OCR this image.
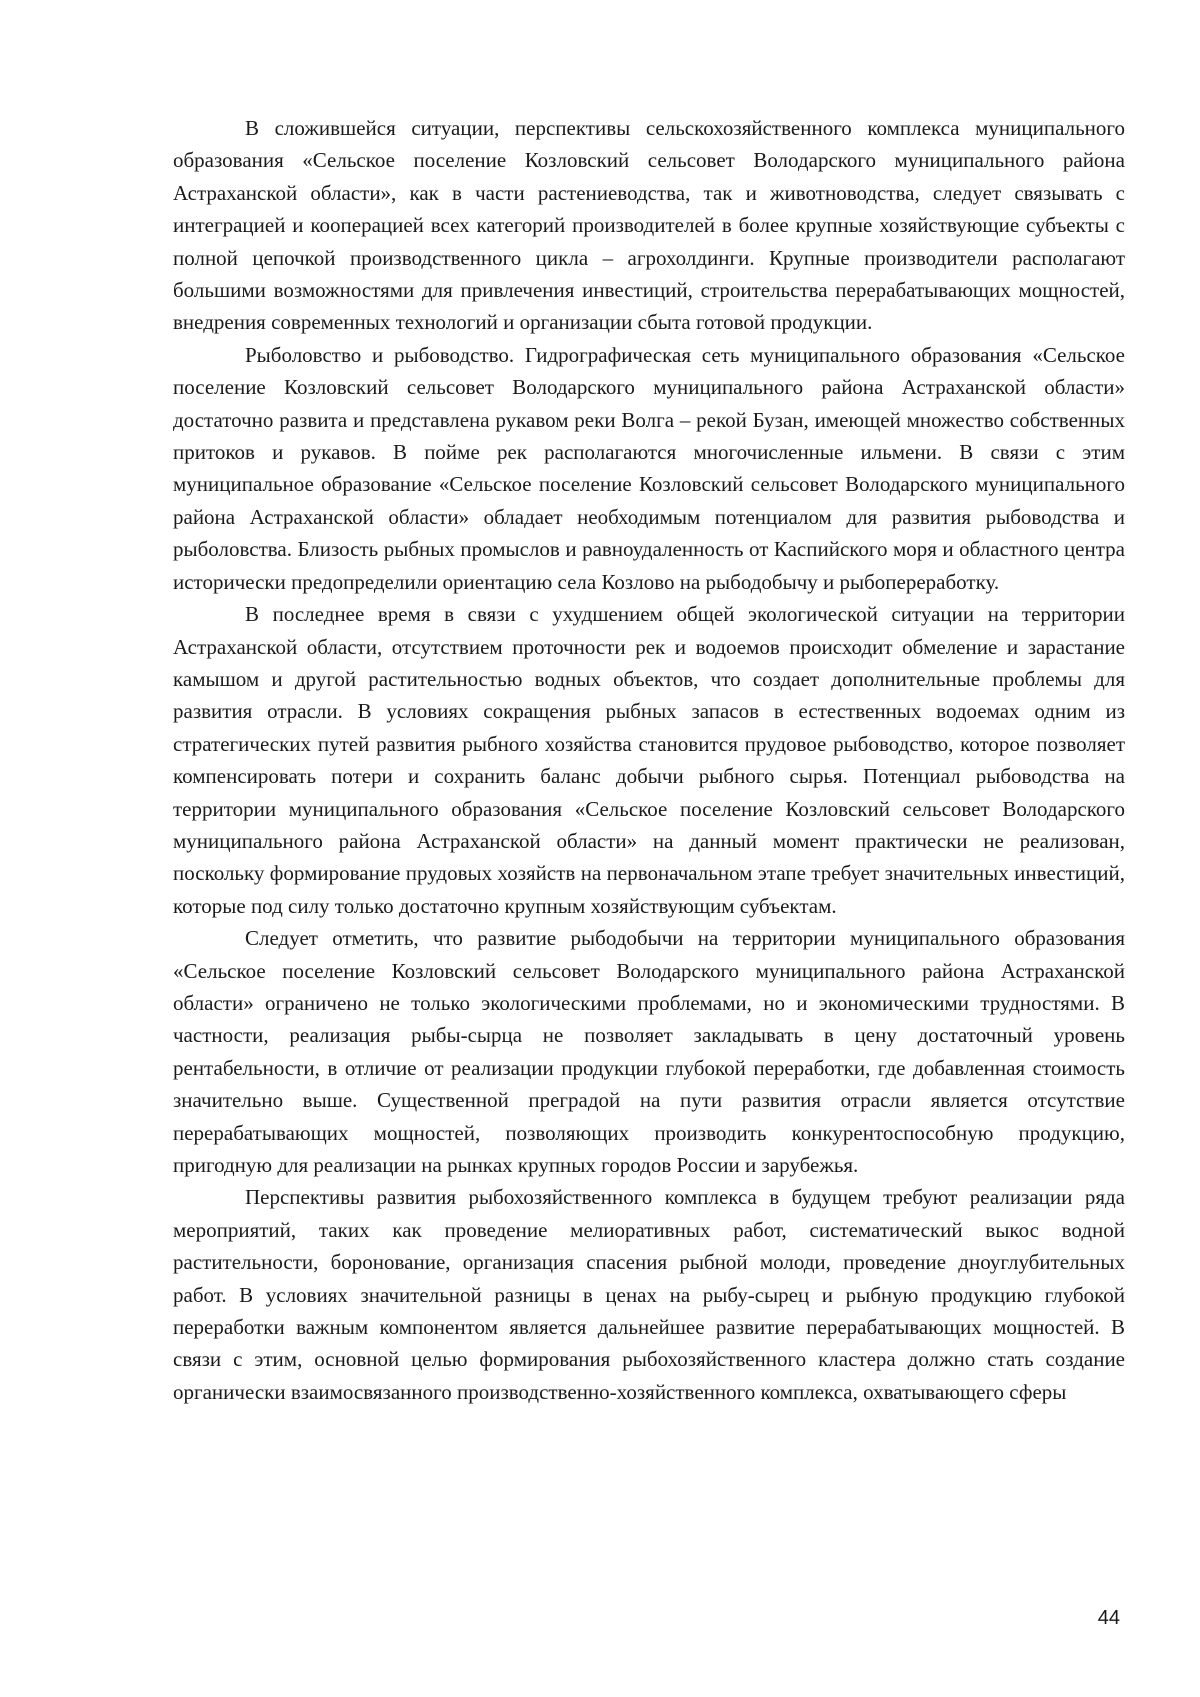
В сложившейся ситуации, перспективы сельскохозяйственного комплекса муниципального образования «Сельское поселение Козловский сельсовет Володарского муниципального района Астраханской области», как в части растениеводства, так и животноводства, следует связывать с интеграцией и кооперацией всех категорий производителей в более крупные хозяйствующие субъекты с полной цепочкой производственного цикла – агрохолдинги. Крупные производители располагают большими возможностями для привлечения инвестиций, строительства перерабатывающих мощностей, внедрения современных технологий и организации сбыта готовой продукции.

Рыболовство и рыбоводство. Гидрографическая сеть муниципального образования «Сельское поселение Козловский сельсовет Володарского муниципального района Астраханской области» достаточно развита и представлена рукавом реки Волга – рекой Бузан, имеющей множество собственных притоков и рукавов. В пойме рек располагаются многочисленные ильмени. В связи с этим муниципальное образование «Сельское поселение Козловский сельсовет Володарского муниципального района Астраханской области» обладает необходимым потенциалом для развития рыбоводства и рыболовства. Близость рыбных промыслов и равноудаленность от Каспийского моря и областного центра исторически предопределили ориентацию села Козлово на рыбодобычу и рыбопереработку.

В последнее время в связи с ухудшением общей экологической ситуации на территории Астраханской области, отсутствием проточности рек и водоемов происходит обмеление и зарастание камышом и другой растительностью водных объектов, что создает дополнительные проблемы для развития отрасли. В условиях сокращения рыбных запасов в естественных водоемах одним из стратегических путей развития рыбного хозяйства становится прудовое рыбоводство, которое позволяет компенсировать потери и сохранить баланс добычи рыбного сырья. Потенциал рыбоводства на территории муниципального образования «Сельское поселение Козловский сельсовет Володарского муниципального района Астраханской области» на данный момент практически не реализован, поскольку формирование прудовых хозяйств на первоначальном этапе требует значительных инвестиций, которые под силу только достаточно крупным хозяйствующим субъектам.

Следует отметить, что развитие рыбодобычи на территории муниципального образования «Сельское поселение Козловский сельсовет Володарского муниципального района Астраханской области» ограничено не только экологическими проблемами, но и экономическими трудностями. В частности, реализация рыбы-сырца не позволяет закладывать в цену достаточный уровень рентабельности, в отличие от реализации продукции глубокой переработки, где добавленная стоимость значительно выше. Существенной преградой на пути развития отрасли является отсутствие перерабатывающих мощностей, позволяющих производить конкурентоспособную продукцию, пригодную для реализации на рынках крупных городов России и зарубежья.

Перспективы развития рыбохозяйственного комплекса в будущем требуют реализации ряда мероприятий, таких как проведение мелиоративных работ, систематический выкос водной растительности, боронование, организация спасения рыбной молоди, проведение дноуглубительных работ. В условиях значительной разницы в ценах на рыбу-сырец и рыбную продукцию глубокой переработки важным компонентом является дальнейшее развитие перерабатывающих мощностей. В связи с этим, основной целью формирования рыбохозяйственного кластера должно стать создание органически взаимосвязанного производственно-хозяйственного комплекса, охватывающего сферы

44
